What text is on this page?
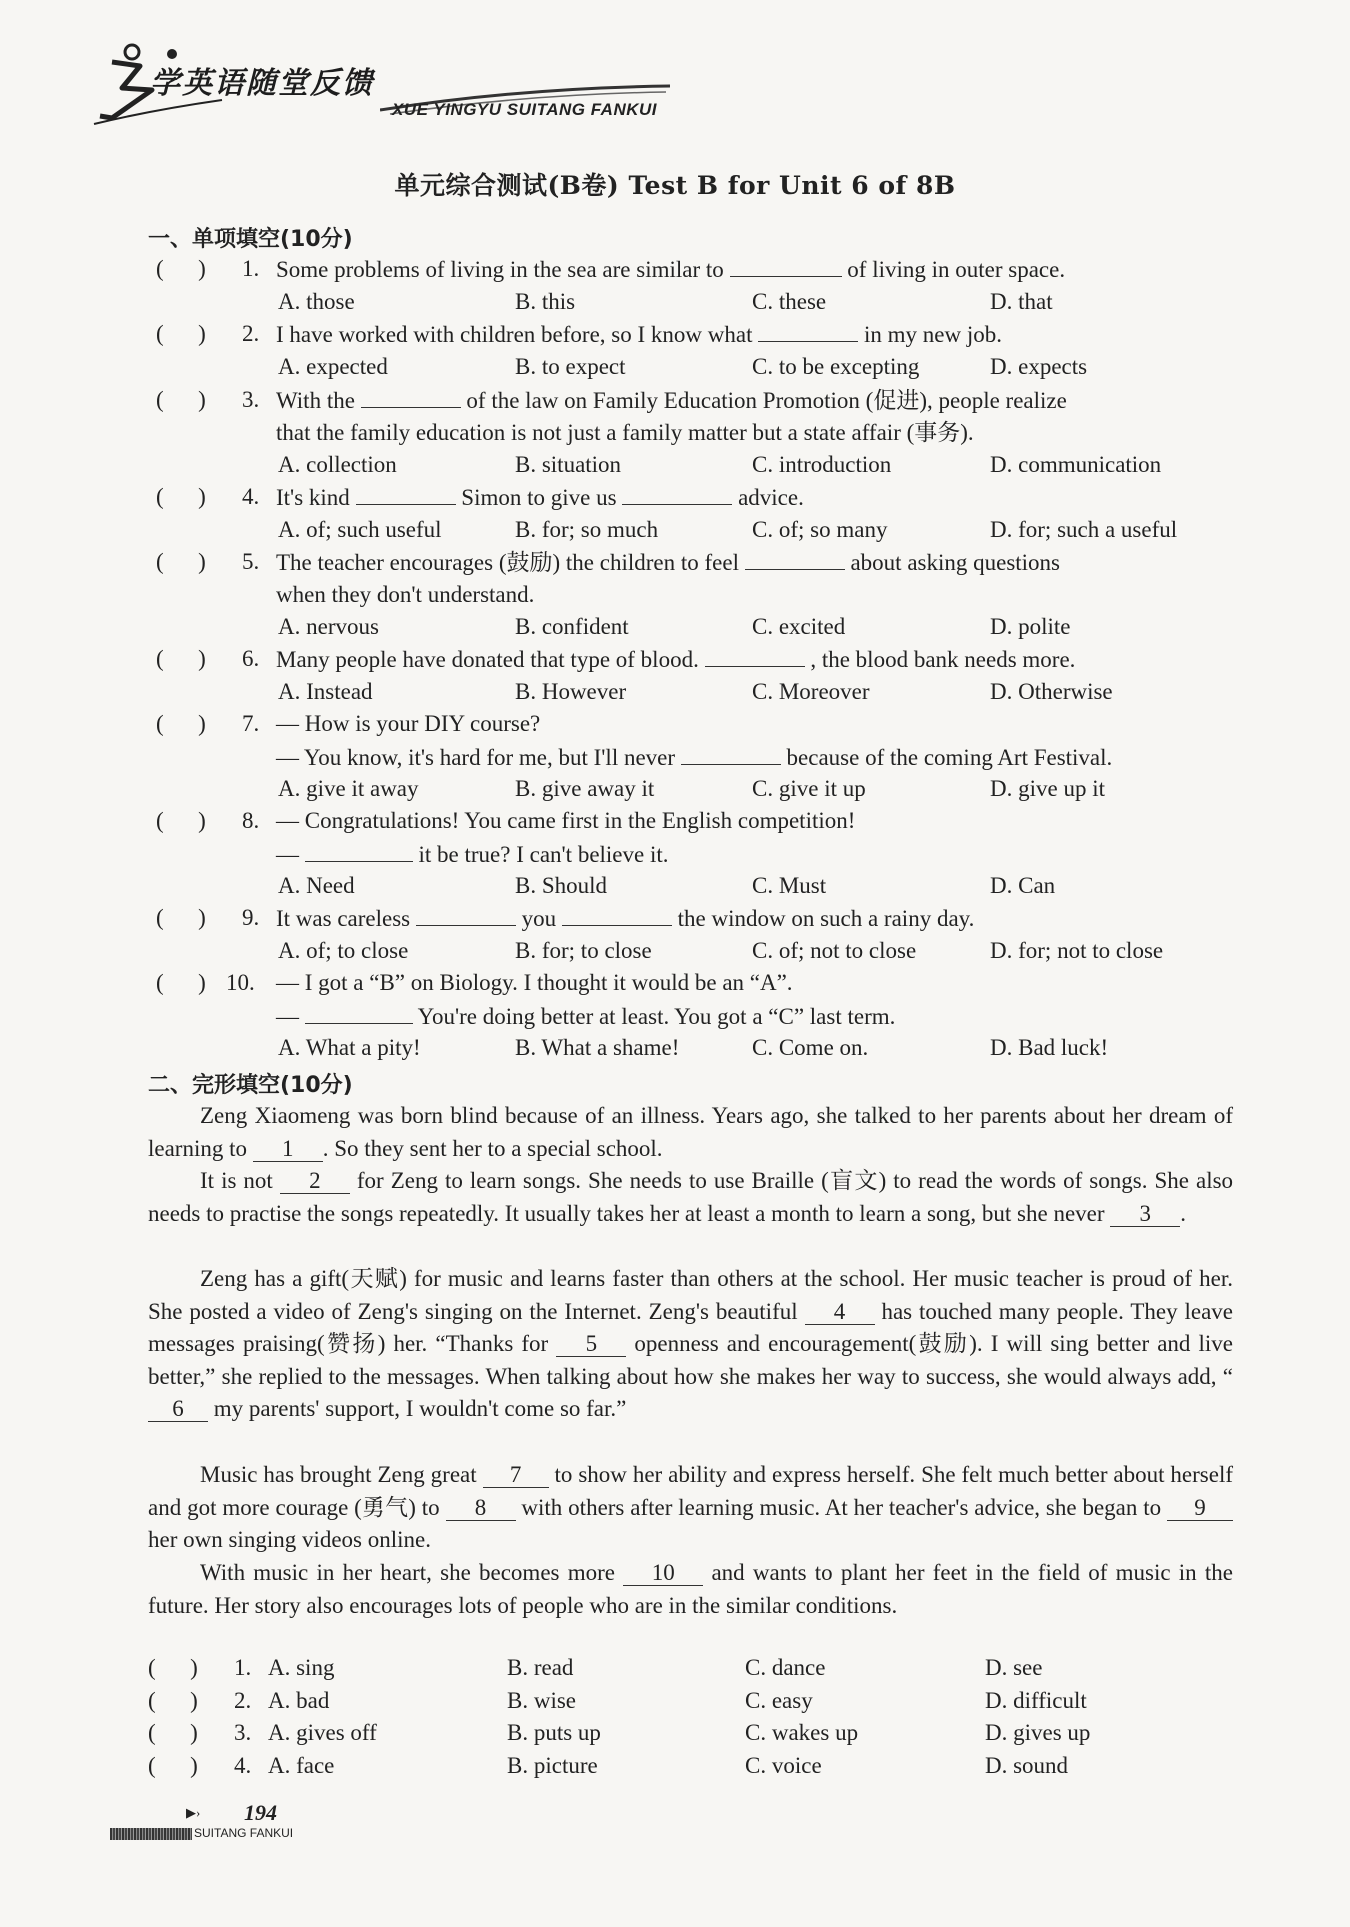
学英语随堂反馈
XUE YINGYU SUITANG FANKUI
单元综合测试(B卷) Test B for Unit 6 of 8B
一、单项填空(10分)
(      ) 1. Some problems of living in the sea are similar to	of living in outer space.
A. those	B. this	C. these	D. that
(      ) 2. I have worked with children before, so I know what	in my new job.
A. expected	B. to expect	C. to be excepting	D. expects
(      ) 3. With the	of the law on Family Education Promotion (促进), people realize
that the family education is not just a family matter but a state affair (事务).
A. collection	B. situation	C. introduction	D. communication
(      ) 4. It's kind	Simon to give us	advice.
A. of; such useful	B. for; so much	C. of; so many	D. for; such a useful
(      ) 5. The teacher encourages (鼓励) the children to feel	about asking questions
when they don't understand.
A. nervous	B. confident	C. excited	D. polite
(      ) 6. Many people have donated that type of blood.	, the blood bank needs more.
A. Instead	B. However	C. Moreover	D. Otherwise
(      ) 7. — How is your DIY course?
— You know, it's hard for me, but I'll never	because of the coming Art Festival.
A. give it away	B. give away it	C. give it up	D. give up it
(      ) 8. — Congratulations! You came first in the English competition!
—	it be true? I can't believe it.
A. Need	B. Should	C. Must	D. Can
(      ) 9. It was careless	you	the window on such a rainy day.
A. of; to close	B. for; to close	C. of; not to close	D. for; not to close
(      ) 10. — I got a “B” on Biology. I thought it would be an “A”.
—	You're doing better at least. You got a “C” last term.
A. What a pity!	B. What a shame!	C. Come on.	D. Bad luck!
二、完形填空(10分)
Zeng Xiaomeng was born blind because of an illness. Years ago, she talked to her parents about her dream of learning to 1 . So they sent her to a special school.
It is not 2 for Zeng to learn songs. She needs to use Braille (盲文) to read the words of songs. She also needs to practise the songs repeatedly. It usually takes her at least a month to learn a song, but she never 3 .
Zeng has a gift(天赋) for music and learns faster than others at the school. Her music teacher is proud of her. She posted a video of Zeng's singing on the Internet. Zeng's beautiful 4 has touched many people. They leave messages praising(赞扬) her. “Thanks for 5 openness and encouragement(鼓励). I will sing better and live better,” she replied to the messages. When talking about how she makes her way to success, she would always add, “6 my parents' support, I wouldn't come so far.”
Music has brought Zeng great 7 to show her ability and express herself. She felt much better about herself and got more courage (勇气) to 8 with others after learning music. At her teacher's advice, she began to 9 her own singing videos online.
With music in her heart, she becomes more 10 and wants to plant her feet in the field of music in the future. Her story also encourages lots of people who are in the similar conditions.
(      ) 1. A. sing	B. read	C. dance	D. see
(      ) 2. A. bad	B. wise	C. easy	D. difficult
(      ) 3. A. gives off	B. puts up	C. wakes up	D. gives up
(      ) 4. A. face	B. picture	C. voice	D. sound
▶› 194
SUITANG FANKUI
